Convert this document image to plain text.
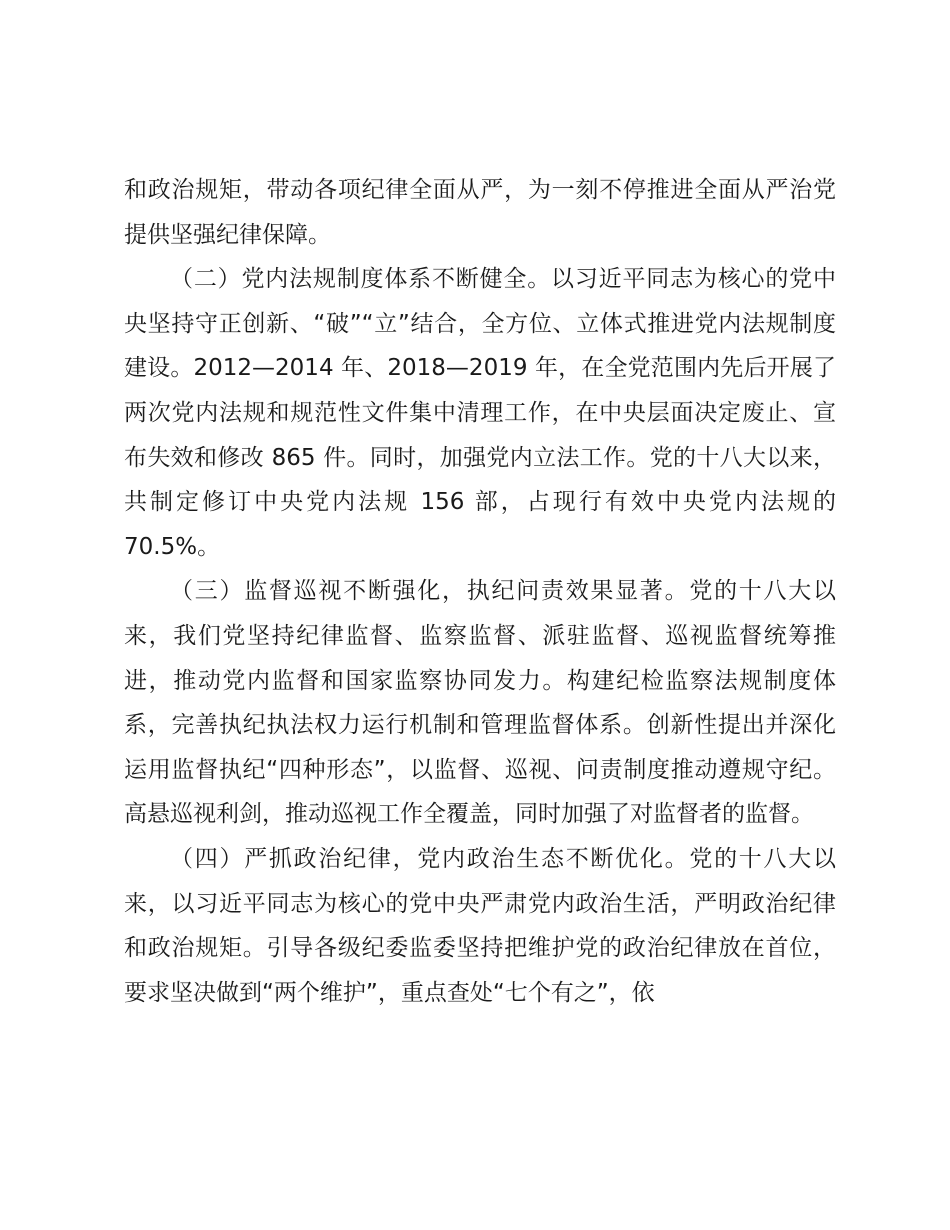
和政治规矩，带动各项纪律全面从严，为一刻不停推进全面从严治党提供坚强纪律保障。

（二）党内法规制度体系不断健全。以习近平同志为核心的党中央坚持守正创新、“破”“立”结合，全方位、立体式推进党内法规制度建设。2012—2014 年、2018—2019 年，在全党范围内先后开展了两次党内法规和规范性文件集中清理工作，在中央层面决定废止、宣布失效和修改 865 件。同时，加强党内立法工作。党的十八大以来，共制定修订中央党内法规 156 部，占现行有效中央党内法规的 70.5%。

（三）监督巡视不断强化，执纪问责效果显著。党的十八大以来，我们党坚持纪律监督、监察监督、派驻监督、巡视监督统筹推进，推动党内监督和国家监察协同发力。构建纪检监察法规制度体系，完善执纪执法权力运行机制和管理监督体系。创新性提出并深化运用监督执纪“四种形态”，以监督、巡视、问责制度推动遵规守纪。高悬巡视利剑，推动巡视工作全覆盖，同时加强了对监督者的监督。

（四）严抓政治纪律，党内政治生态不断优化。党的十八大以来，以习近平同志为核心的党中央严肃党内政治生活，严明政治纪律和政治规矩。引导各级纪委监委坚持把维护党的政治纪律放在首位，要求坚决做到“两个维护”，重点查处“七个有之”，依
